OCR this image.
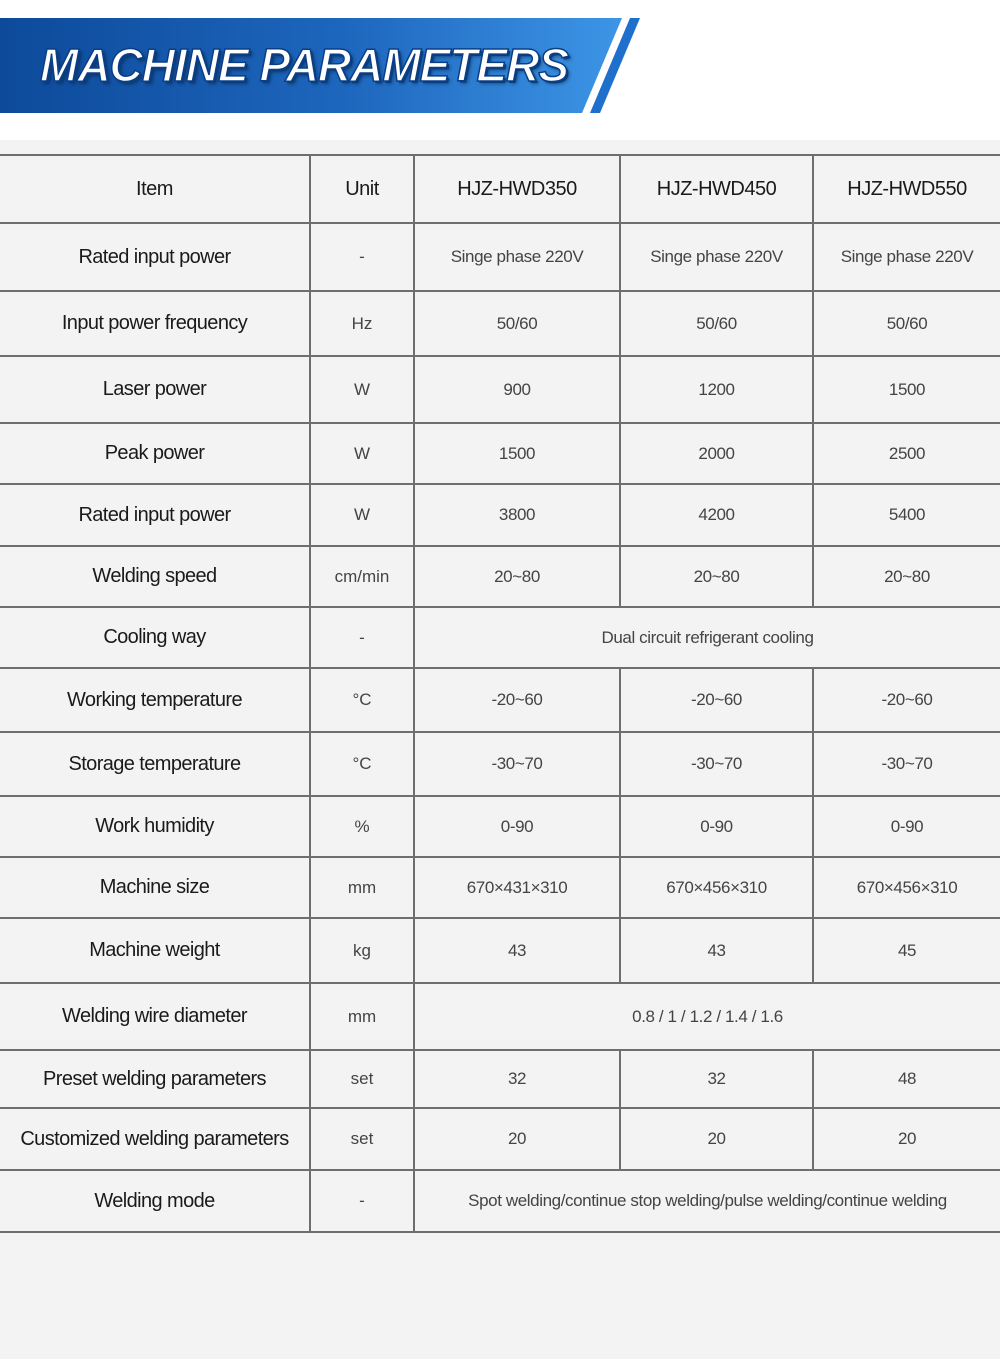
MACHINE PARAMETERS
Item	Unit	HJZ-HWD350	HJZ-HWD450	HJZ-HWD550
Rated input power	-	Singe phase 220V	Singe phase 220V	Singe phase 220V
Input power frequency	Hz	50/60	50/60	50/60
Laser power	W	900	1200	1500
Peak power	W	1500	2000	2500
Rated input power	W	3800	4200	5400
Welding speed	cm/min	20~80	20~80	20~80
Cooling way	-	Dual circuit refrigerant cooling		
Working temperature	°C	-20~60	-20~60	-20~60
Storage temperature	°C	-30~70	-30~70	-30~70
Work humidity	%	0-90	0-90	0-90
Machine size	mm	670×431×310	670×456×310	670×456×310
Machine weight	kg	43	43	45
Welding wire diameter	mm	0.8 / 1 / 1.2 / 1.4 / 1.6		
Preset welding parameters	set	32	32	48
Customized welding parameters	set	20	20	20
Welding mode	-	Spot welding/continue stop welding/pulse welding/continue welding		
